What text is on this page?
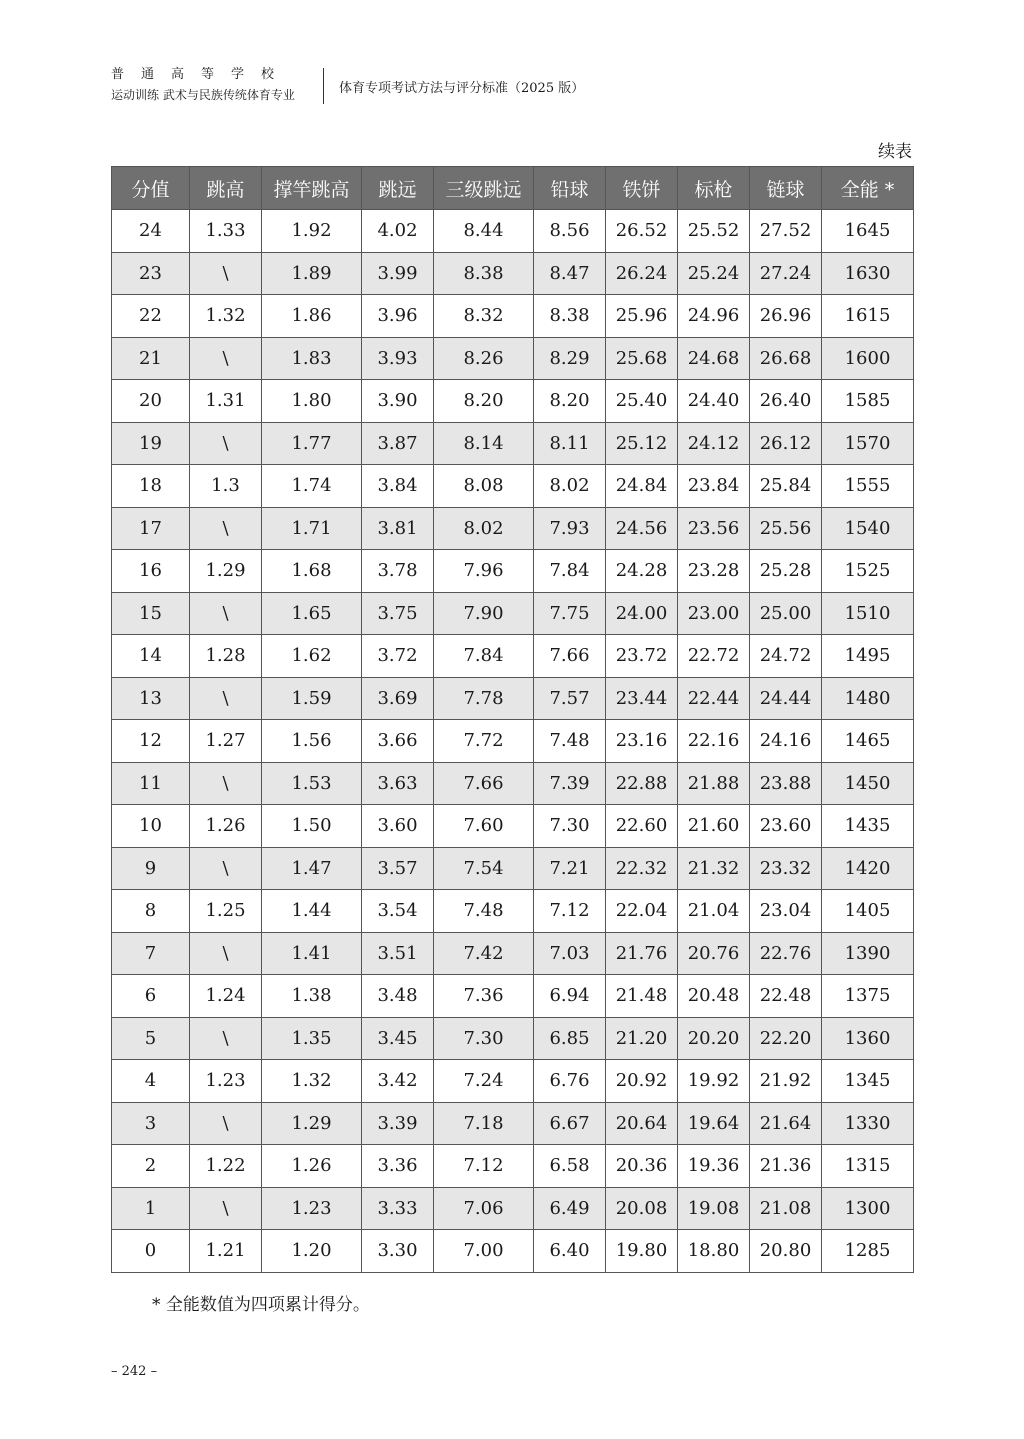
普通高等学校
运动训练 武术与民族传统体育专业	体育专项考试方法与评分标准（2025 版）
续表
分值	跳高	撑竿跳高	跳远	三级跳远	铅球	铁饼	标枪	链球	全能 *
24	1.33	1.92	4.02	8.44	8.56	26.52	25.52	27.52	1645
23	\	1.89	3.99	8.38	8.47	26.24	25.24	27.24	1630
22	1.32	1.86	3.96	8.32	8.38	25.96	24.96	26.96	1615
21	\	1.83	3.93	8.26	8.29	25.68	24.68	26.68	1600
20	1.31	1.80	3.90	8.20	8.20	25.40	24.40	26.40	1585
19	\	1.77	3.87	8.14	8.11	25.12	24.12	26.12	1570
18	1.3	1.74	3.84	8.08	8.02	24.84	23.84	25.84	1555
17	\	1.71	3.81	8.02	7.93	24.56	23.56	25.56	1540
16	1.29	1.68	3.78	7.96	7.84	24.28	23.28	25.28	1525
15	\	1.65	3.75	7.90	7.75	24.00	23.00	25.00	1510
14	1.28	1.62	3.72	7.84	7.66	23.72	22.72	24.72	1495
13	\	1.59	3.69	7.78	7.57	23.44	22.44	24.44	1480
12	1.27	1.56	3.66	7.72	7.48	23.16	22.16	24.16	1465
11	\	1.53	3.63	7.66	7.39	22.88	21.88	23.88	1450
10	1.26	1.50	3.60	7.60	7.30	22.60	21.60	23.60	1435
9	\	1.47	3.57	7.54	7.21	22.32	21.32	23.32	1420
8	1.25	1.44	3.54	7.48	7.12	22.04	21.04	23.04	1405
7	\	1.41	3.51	7.42	7.03	21.76	20.76	22.76	1390
6	1.24	1.38	3.48	7.36	6.94	21.48	20.48	22.48	1375
5	\	1.35	3.45	7.30	6.85	21.20	20.20	22.20	1360
4	1.23	1.32	3.42	7.24	6.76	20.92	19.92	21.92	1345
3	\	1.29	3.39	7.18	6.67	20.64	19.64	21.64	1330
2	1.22	1.26	3.36	7.12	6.58	20.36	19.36	21.36	1315
1	\	1.23	3.33	7.06	6.49	20.08	19.08	21.08	1300
0	1.21	1.20	3.30	7.00	6.40	19.80	18.80	20.80	1285
* 全能数值为四项累计得分。
– 242 –
